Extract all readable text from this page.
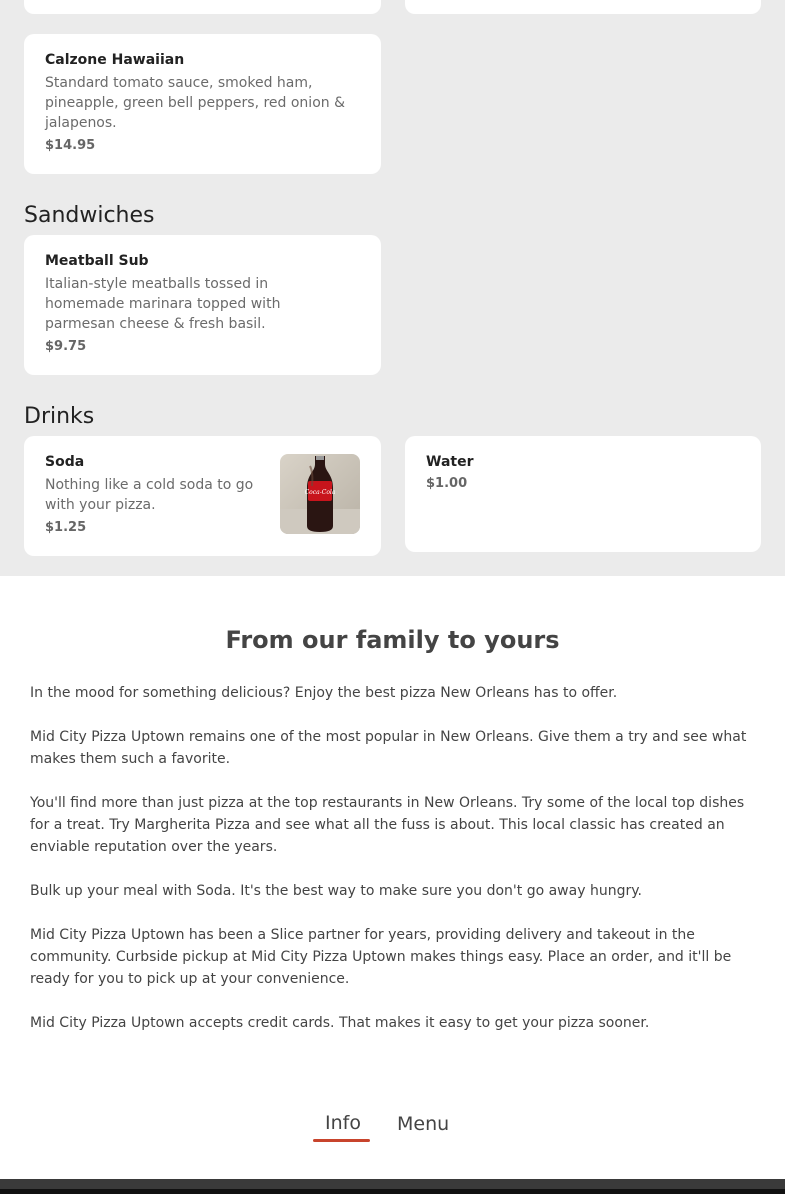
Calzone Hawaiian
Standard tomato sauce, smoked ham, pineapple, green bell peppers, red onion & jalapenos.
$14.95
Sandwiches
Meatball Sub
Italian-style meatballs tossed in homemade marinara topped with parmesan cheese & fresh basil.
$9.75
Drinks
Soda
Nothing like a cold soda to go with your pizza.
$1.25
Coca-Cola
Water
$1.00
From our family to yours

In the mood for something delicious? Enjoy the best pizza New Orleans has to offer.

Mid City Pizza Uptown remains one of the most popular in New Orleans. Give them a try and see what makes them such a favorite.

You'll find more than just pizza at the top restaurants in New Orleans. Try some of the local top dishes for a treat. Try Margherita Pizza and see what all the fuss is about. This local classic has created an enviable reputation over the years.

Bulk up your meal with Soda. It's the best way to make sure you don't go away hungry.

Mid City Pizza Uptown has been a Slice partner for years, providing delivery and takeout in the community. Curbside pickup at Mid City Pizza Uptown makes things easy. Place an order, and it'll be ready for you to pick up at your convenience.

Mid City Pizza Uptown accepts credit cards. That makes it easy to get your pizza sooner.

Info Menu
